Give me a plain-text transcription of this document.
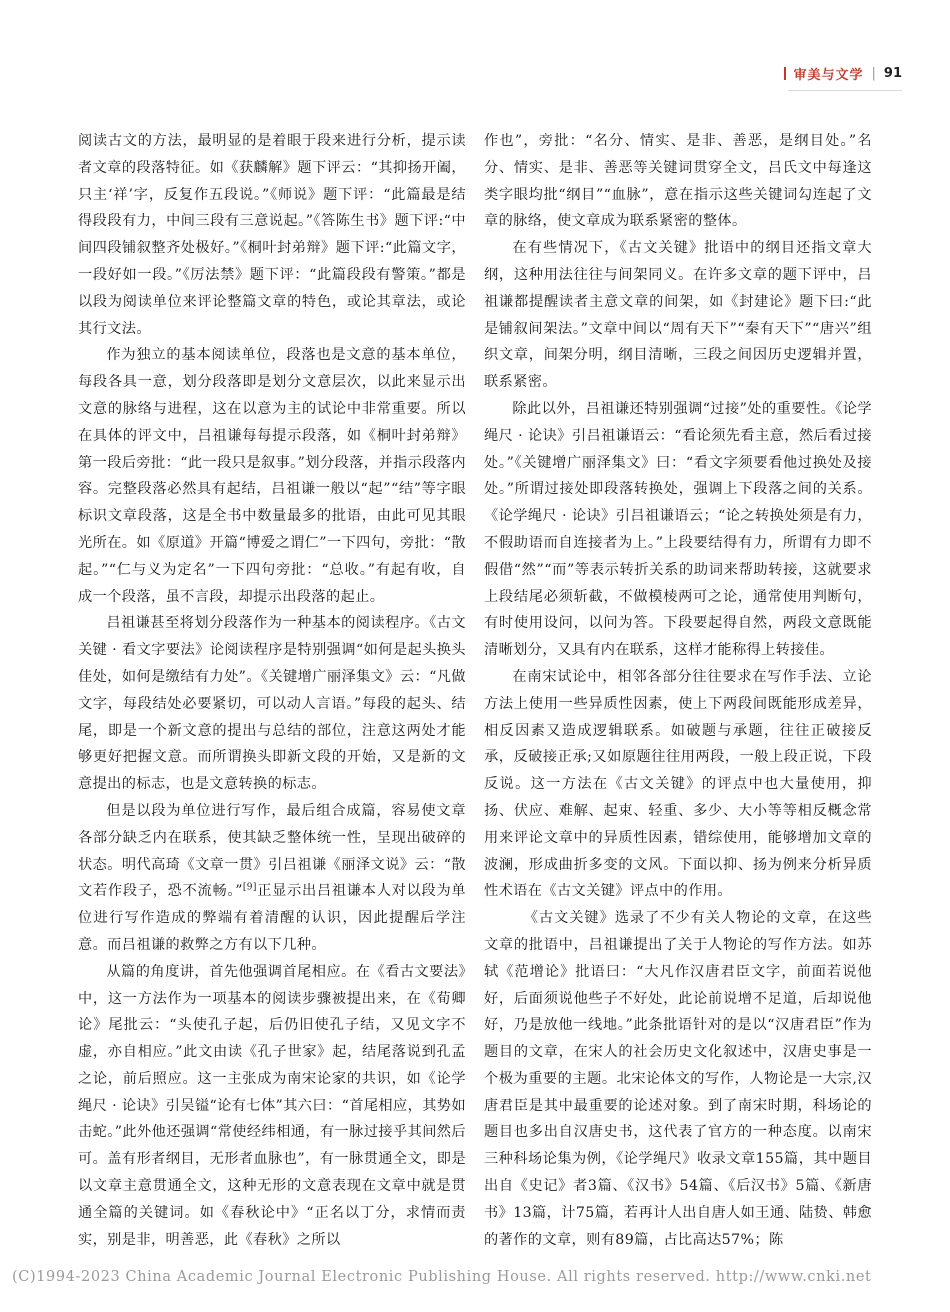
审美与文学 | 91

阅读古文的方法，最明显的是着眼于段来进行分析，提示读者文章的段落特征。如《获麟解》题下评云：“其抑扬开阖，只主‘祥’字，反复作五段说。”《师说》题下评：“此篇最是结得段段有力，中间三段有三意说起。”《答陈生书》题下评:“中间四段铺叙整齐处极好。”《桐叶封弟辩》题下评:“此篇文字，一段好如一段。”《厉法禁》题下评：“此篇段段有警策。”都是以段为阅读单位来评论整篇文章的特色，或论其章法，或论其行文法。

作为独立的基本阅读单位，段落也是文意的基本单位，每段各具一意，划分段落即是划分文意层次，以此来显示出文意的脉络与进程，这在以意为主的试论中非常重要。所以在具体的评文中，吕祖谦每每提示段落，如《桐叶封弟辩》第一段后旁批：“此一段只是叙事。”划分段落，并指示段落内容。完整段落必然具有起结，吕祖谦一般以“起”“结”等字眼标识文章段落，这是全书中数量最多的批语，由此可见其眼光所在。如《原道》开篇“博爱之谓仁”一下四句，旁批：“散起。”“仁与义为定名”一下四句旁批：“总收。”有起有收，自成一个段落，虽不言段，却提示出段落的起止。

吕祖谦甚至将划分段落作为一种基本的阅读程序。《古文关键 · 看文字要法》论阅读程序是特别强调“如何是起头换头佳处，如何是缴结有力处”。《关键增广丽泽集文》云：“凡做文字，每段结处必要紧切，可以动人言语。”每段的起头、结尾，即是一个新文意的提出与总结的部位，注意这两处才能够更好把握文意。而所谓换头即新文段的开始，又是新的文意提出的标志，也是文意转换的标志。

但是以段为单位进行写作，最后组合成篇，容易使文章各部分缺乏内在联系，使其缺乏整体统一性，呈现出破碎的状态。明代高琦《文章一贯》引吕祖谦《丽泽文说》云：“散文若作段子，恐不流畅。”[9]正显示出吕祖谦本人对以段为单位进行写作造成的弊端有着清醒的认识，因此提醒后学注意。而吕祖谦的救弊之方有以下几种。

从篇的角度讲，首先他强调首尾相应。在《看古文要法》中，这一方法作为一项基本的阅读步骤被提出来，在《荀卿论》尾批云：“头使孔子起，后仍旧使孔子结，又见文字不虚，亦自相应。”此文由读《孔子世家》起，结尾落说到孔孟之论，前后照应。这一主张成为南宋论家的共识，如《论学绳尺 · 论诀》引吴镒“论有七体”其六曰：“首尾相应，其势如击蛇。”此外他还强调“常使经纬相通，有一脉过接乎其间然后可。盖有形者纲目，无形者血脉也”，有一脉贯通全文，即是以文章主意贯通全文，这种无形的文意表现在文章中就是贯通全篇的关键词。如《春秋论中》“正名以丁分，求情而责实，别是非，明善恶，此《春秋》之所以

作也”，旁批：“名分、情实、是非、善恶，是纲目处。”名分、情实、是非、善恶等关键词贯穿全文，吕氏文中每逢这类字眼均批“纲目”“血脉”，意在指示这些关键词勾连起了文章的脉络，使文章成为联系紧密的整体。

在有些情况下，《古文关键》批语中的纲目还指文章大纲，这种用法往往与间架同义。在许多文章的题下评中，吕祖谦都提醒读者主意文章的间架，如《封建论》题下曰:“此是铺叙间架法。”文章中间以“周有天下”“秦有天下”“唐兴”组织文章，间架分明，纲目清晰，三段之间因历史逻辑并置，联系紧密。

除此以外，吕祖谦还特别强调“过接”处的重要性。《论学绳尺 · 论诀》引吕祖谦语云：“看论须先看主意，然后看过接处。”《关键增广丽泽集文》曰：“看文字须要看他过换处及接处。”所谓过接处即段落转换处，强调上下段落之间的关系。《论学绳尺 · 论诀》引吕祖谦语云；“论之转换处须是有力，不假助语而自连接者为上。”上段要结得有力，所谓有力即不假借“然”“而”等表示转折关系的助词来帮助转接，这就要求上段结尾必须斩截，不做模棱两可之论，通常使用判断句，有时使用设问，以问为答。下段要起得自然，两段文意既能清晰划分，又具有内在联系，这样才能称得上转接佳。

在南宋试论中，相邻各部分往往要求在写作手法、立论方法上使用一些异质性因素，使上下两段间既能形成差异，相反因素又造成逻辑联系。如破题与承题，往往正破接反承，反破接正承;又如原题往往用两段，一般上段正说，下段反说。这一方法在《古文关键》的评点中也大量使用，抑扬、伏应、难解、起束、轻重、多少、大小等等相反概念常用来评论文章中的异质性因素，错综使用，能够增加文章的波澜，形成曲折多变的文风。下面以抑、扬为例来分析异质性术语在《古文关键》评点中的作用。

《古文关键》选录了不少有关人物论的文章，在这些文章的批语中，吕祖谦提出了关于人物论的写作方法。如苏轼《范增论》批语曰：“大凡作汉唐君臣文字，前面若说他好，后面须说他些子不好处，此论前说增不足道，后却说他好，乃是放他一线地。”此条批语针对的是以“汉唐君臣”作为题目的文章，在宋人的社会历史文化叙述中，汉唐史事是一个极为重要的主题。北宋论体文的写作，人物论是一大宗,汉唐君臣是其中最重要的论述对象。到了南宋时期，科场论的题目也多出自汉唐史书，这代表了官方的一种态度。以南宋三种科场论集为例，《论学绳尺》收录文章155篇，其中题目出自《史记》者3篇、《汉书》54篇、《后汉书》5篇、《新唐书》13篇，计75篇，若再计人出自唐人如王通、陆贽、韩愈的著作的文章，则有89篇，占比高达57%；陈

(C)1994-2023 China Academic Journal Electronic Publishing House. All rights reserved. http://www.cnki.net
